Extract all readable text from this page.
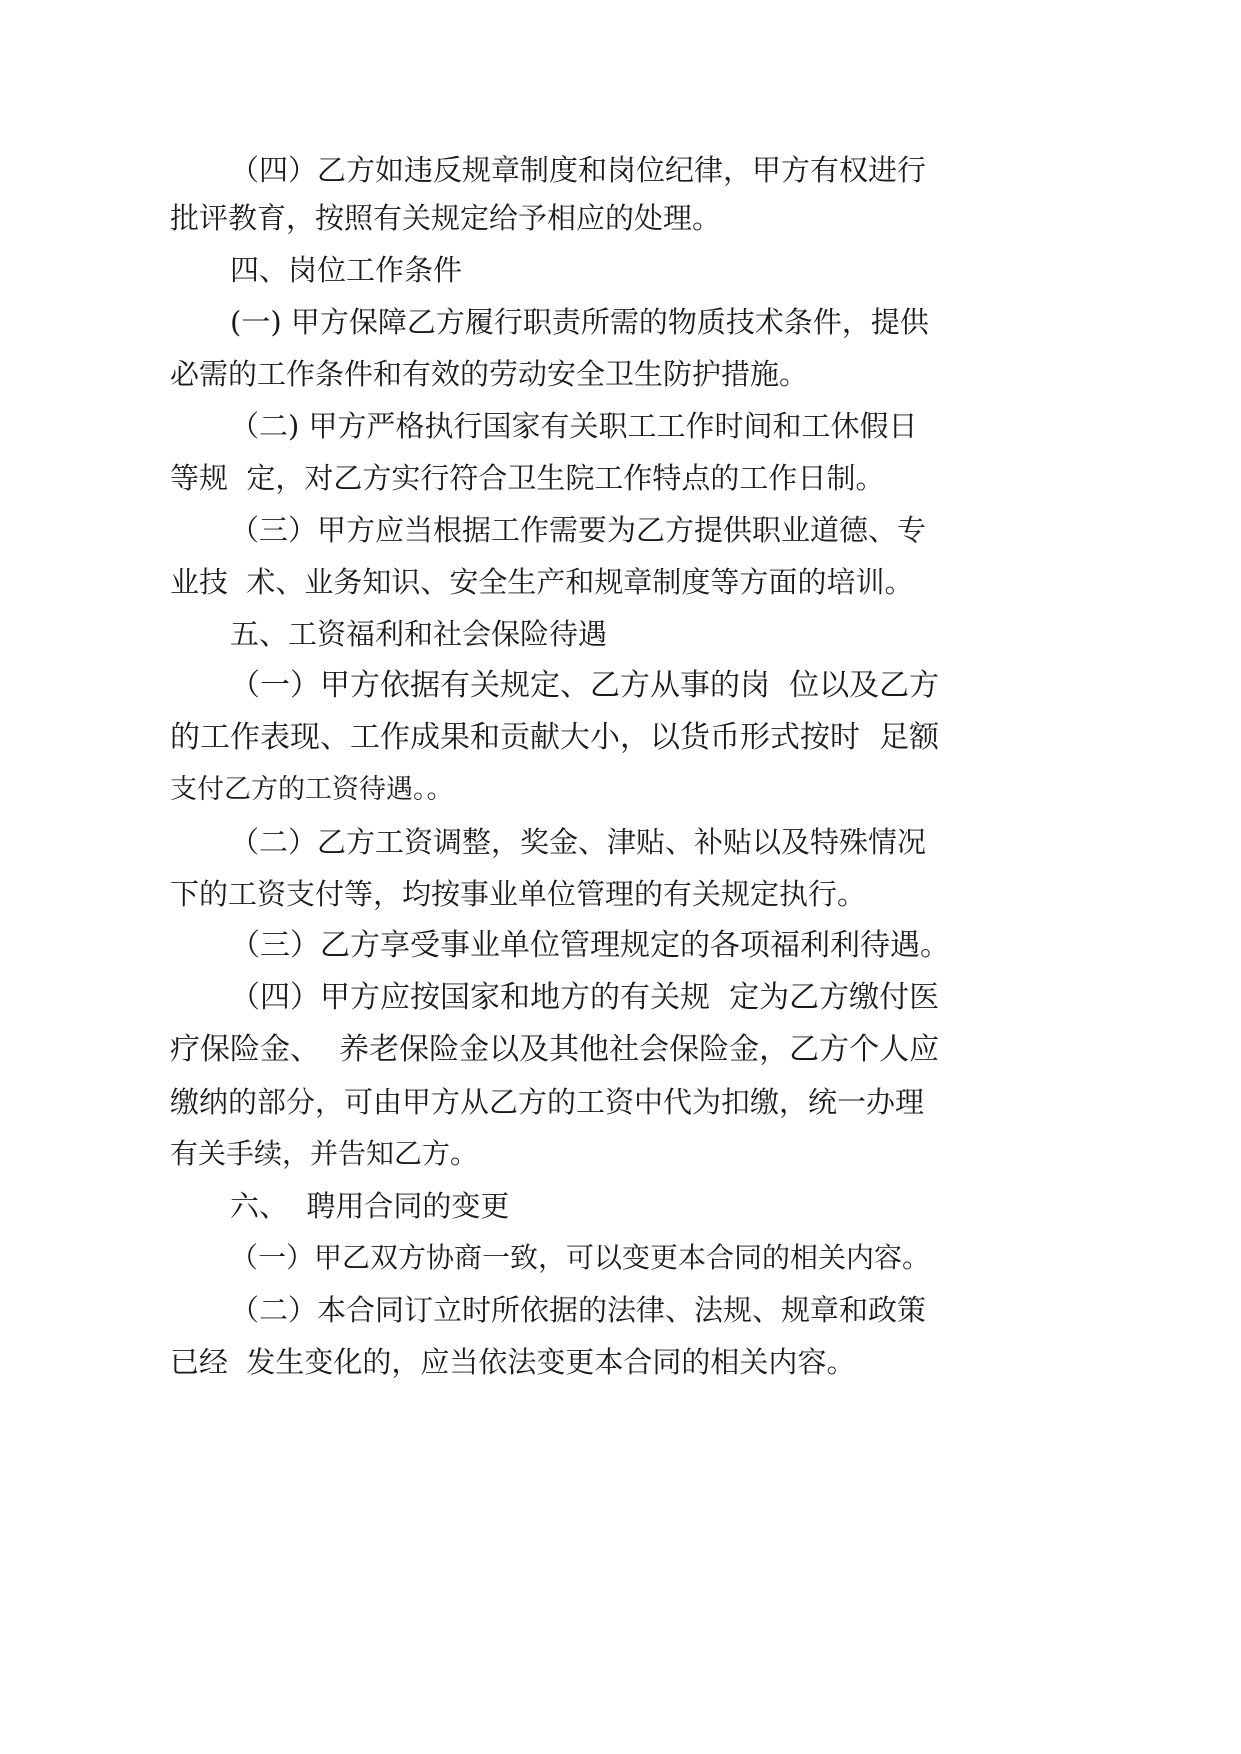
（四）乙方如违反规章制度和岗位纪律，甲方有权进行
批评教育，按照有关规定给予相应的处理。
四、岗位工作条件
(一) 甲方保障乙方履行职责所需的物质技术条件，提供
必需的工作条件和有效的劳动安全卫生防护措施。
（二) 甲方严格执行国家有关职工工作时间和工休假日
等规  定，对乙方实行符合卫生院工作特点的工作日制。
（三）甲方应当根据工作需要为乙方提供职业道德、专
业技  术、业务知识、安全生产和规章制度等方面的培训。
五、工资福利和社会保险待遇
（一）甲方依据有关规定、乙方从事的岗  位以及乙方
的工作表现、工作成果和贡献大小，以货币形式按时  足额
支付乙方的工资待遇。。
（二）乙方工资调整，奖金、津贴、补贴以及特殊情况
下的工资支付等，均按事业单位管理的有关规定执行。
（三）乙方享受事业单位管理规定的各项福利利待遇。
（四）甲方应按国家和地方的有关规  定为乙方缴付医
疗保险金、  养老保险金以及其他社会保险金，乙方个人应
缴纳的部分，可由甲方从乙方的工资中代为扣缴，统一办理
有关手续，并告知乙方。
六、  聘用合同的变更
（一）甲乙双方协商一致，可以变更本合同的相关内容。
（二）本合同订立时所依据的法律、法规、规章和政策
已经  发生变化的，应当依法变更本合同的相关内容。
